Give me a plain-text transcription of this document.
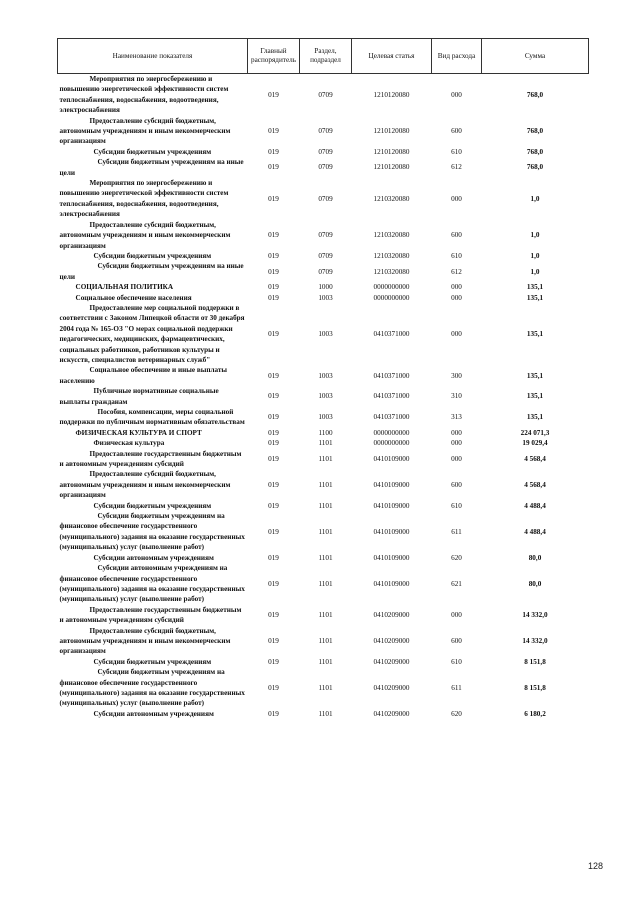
Наименование показателя	Главный распорядитель	Раздел, подраздел	Целевая статья	Вид расхода	Сумма
Мероприятия по энергосбережению и повышению энергетической эффективности систем теплоснабжения, водоснабжения, водоотведения, электроснабжения	019	0709	1210120080	000	768,0
Предоставление субсидий бюджетным, автономным учреждениям и иным некоммерческим организациям	019	0709	1210120080	600	768,0
Субсидии бюджетным учреждениям	019	0709	1210120080	610	768,0
Субсидии бюджетным учреждениям на иные цели	019	0709	1210120080	612	768,0
Мероприятия по энергосбережению и повышению энергетической эффективности систем теплоснабжения, водоснабжения, водоотведения, электроснабжения	019	0709	1210320080	000	1,0
Предоставление субсидий бюджетным, автономным учреждениям и иным некоммерческим организациям	019	0709	1210320080	600	1,0
Субсидии бюджетным учреждениям	019	0709	1210320080	610	1,0
Субсидии бюджетным учреждениям на иные цели	019	0709	1210320080	612	1,0
СОЦИАЛЬНАЯ ПОЛИТИКА	019	1000	0000000000	000	135,1
Социальное обеспечение населения	019	1003	0000000000	000	135,1
Предоставление мер социальной поддержки в соответствии с Законом Липецкой области от 30 декабря 2004 года № 165-ОЗ "О мерах социальной поддержки педагогических, медицинских, фармацевтических, социальных работников, работников культуры и искусств, специалистов ветеринарных служб"	019	1003	0410371000	000	135,1
Социальное обеспечение и иные выплаты населению	019	1003	0410371000	300	135,1
Публичные нормативные социальные выплаты гражданам	019	1003	0410371000	310	135,1
Пособия, компенсации, меры социальной поддержки по публичным нормативным обязательствам	019	1003	0410371000	313	135,1
ФИЗИЧЕСКАЯ КУЛЬТУРА И СПОРТ	019	1100	0000000000	000	224 071,3
Физическая культура	019	1101	0000000000	000	19 029,4
Предоставление государственным бюджетным и автономным учреждениям субсидий	019	1101	0410109000	000	4 568,4
Предоставление субсидий бюджетным, автономным учреждениям и иным некоммерческим организациям	019	1101	0410109000	600	4 568,4
Субсидии бюджетным учреждениям	019	1101	0410109000	610	4 488,4
Субсидии бюджетным учреждениям на финансовое обеспечение государственного (муниципального) задания на оказание государственных (муниципальных) услуг (выполнение работ)	019	1101	0410109000	611	4 488,4
Субсидии автономным учреждениям	019	1101	0410109000	620	80,0
Субсидии автономным учреждениям на финансовое обеспечение государственного (муниципального) задания на оказание государственных (муниципальных) услуг (выполнение работ)	019	1101	0410109000	621	80,0
Предоставление государственным бюджетным и автономным учреждениям субсидий	019	1101	0410209000	000	14 332,0
Предоставление субсидий бюджетным, автономным учреждениям и иным некоммерческим организациям	019	1101	0410209000	600	14 332,0
Субсидии бюджетным учреждениям	019	1101	0410209000	610	8 151,8
Субсидии бюджетным учреждениям на финансовое обеспечение государственного (муниципального) задания на оказание государственных (муниципальных) услуг (выполнение работ)	019	1101	0410209000	611	8 151,8
Субсидии автономным учреждениям	019	1101	0410209000	620	6 180,2
128
